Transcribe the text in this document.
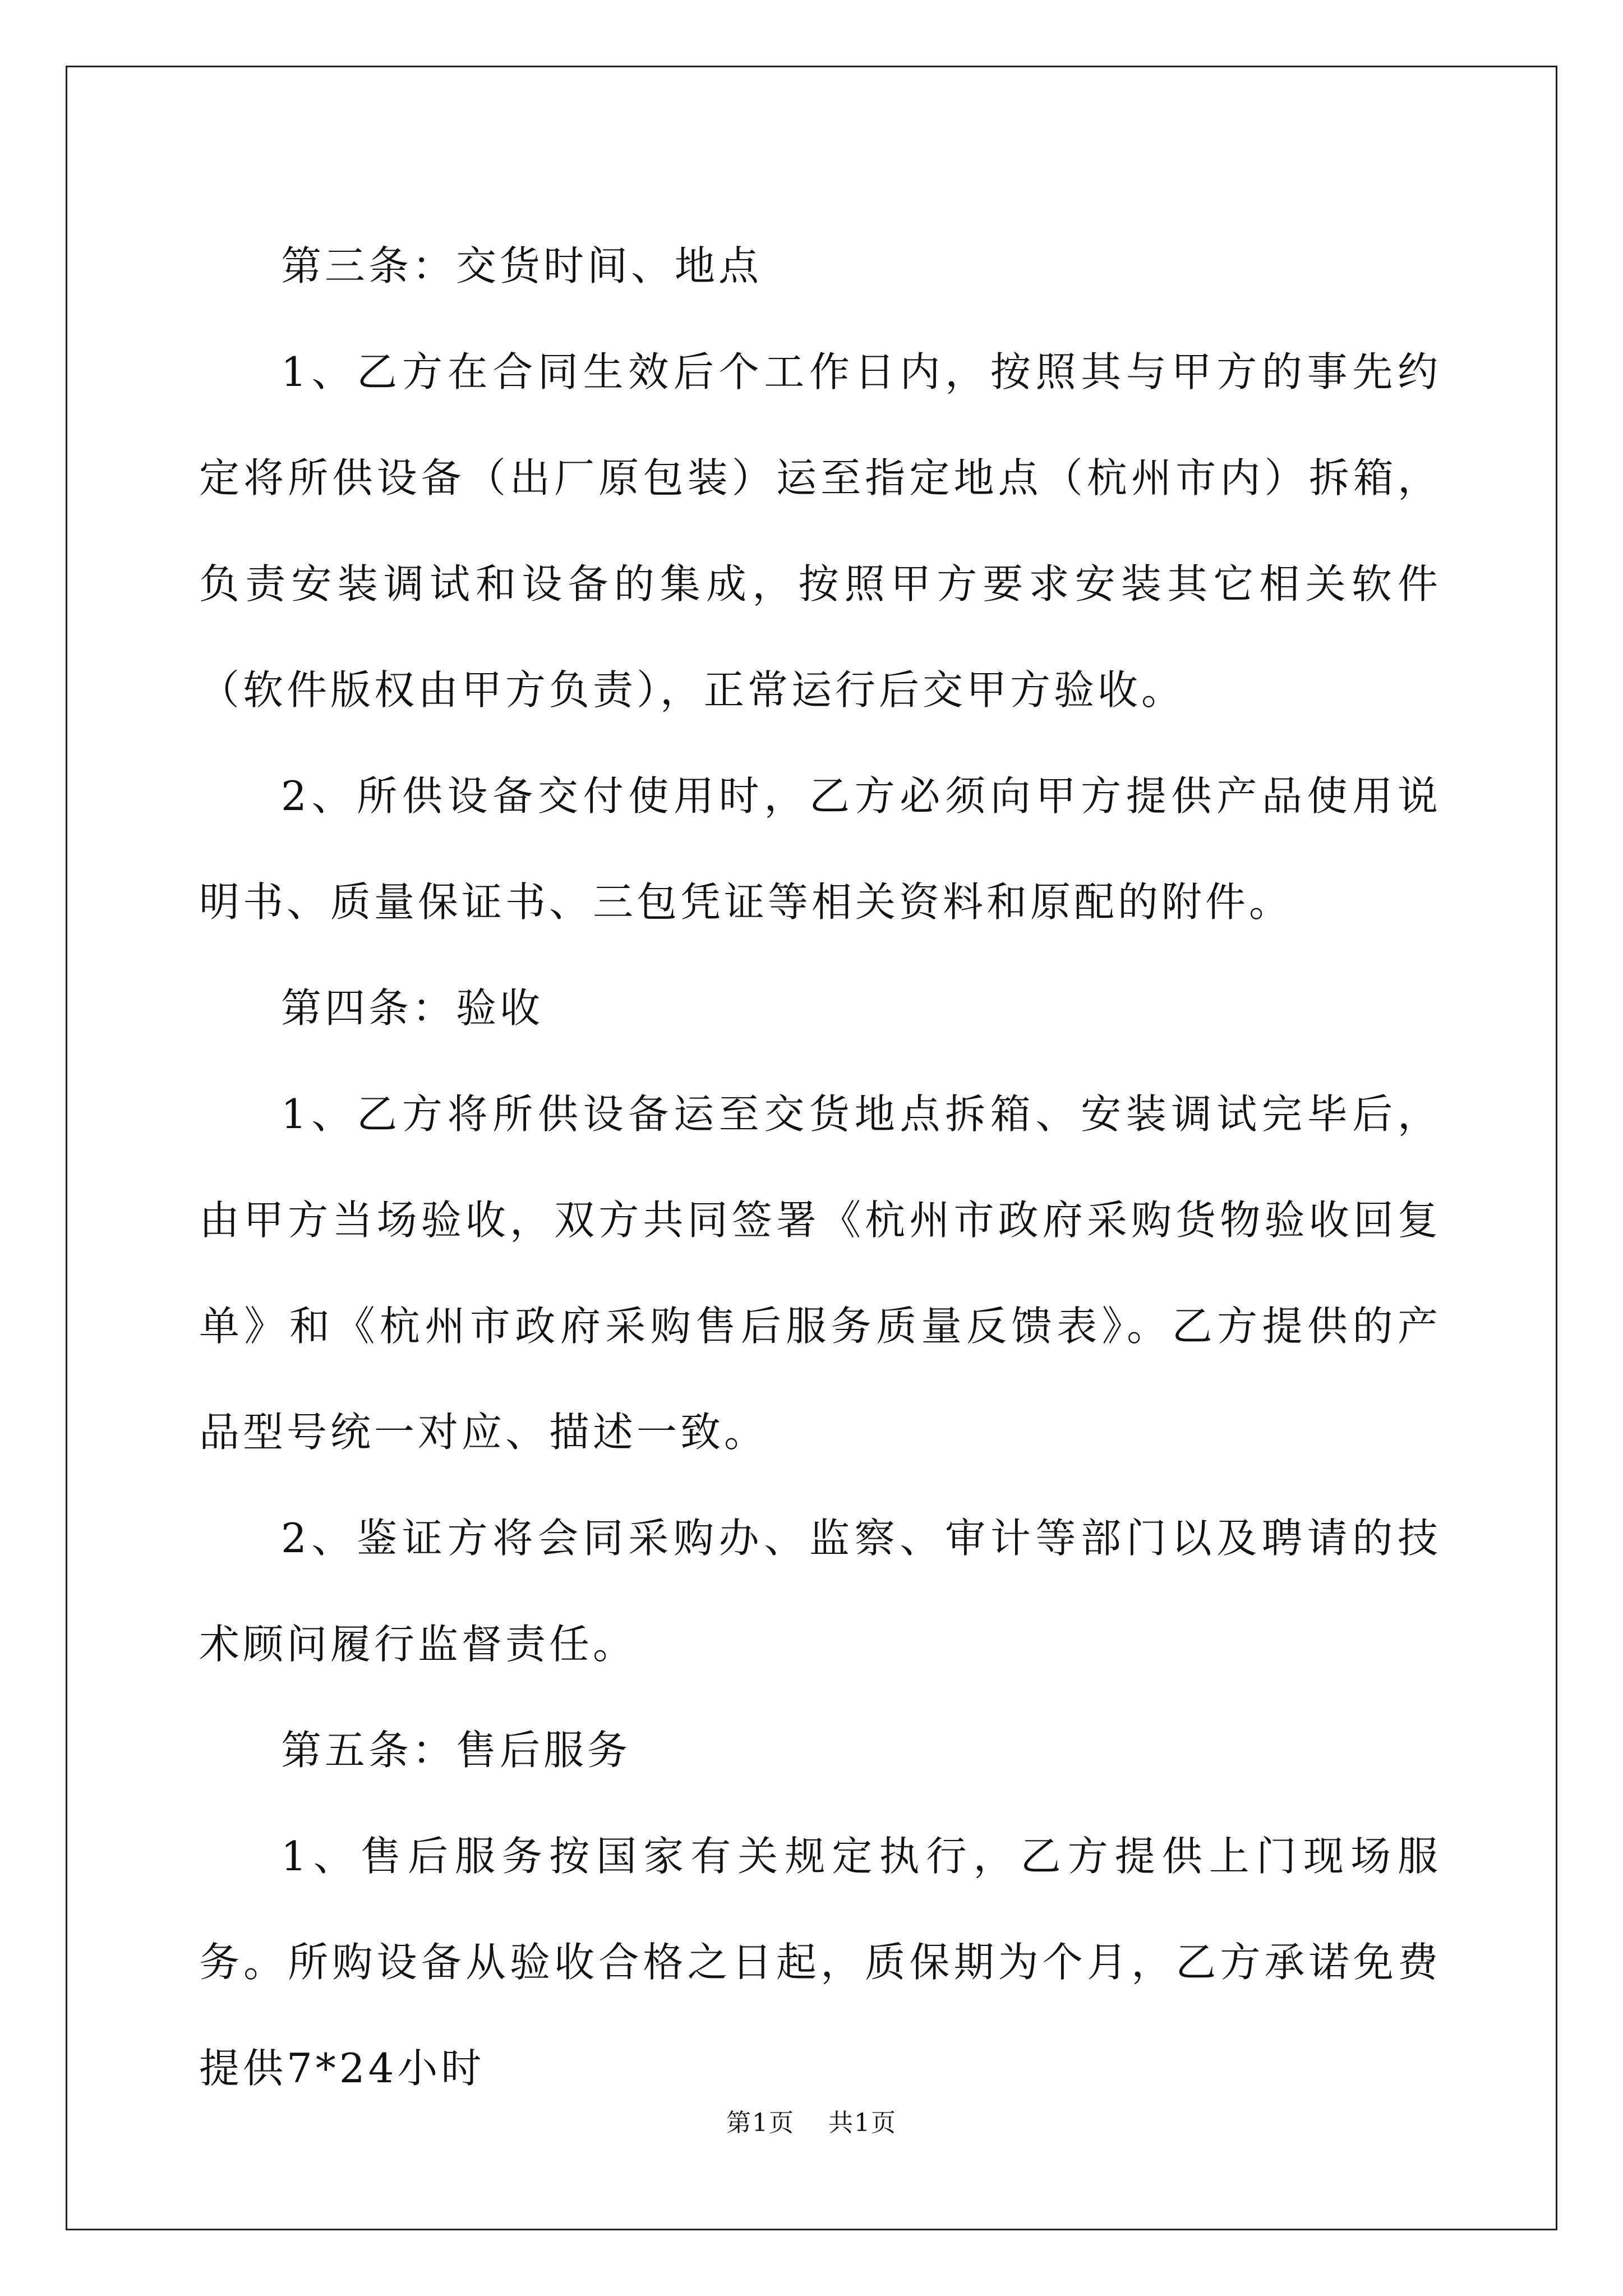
第三条：交货时间、地点

1、乙方在合同生效后个工作日内，按照其与甲方的事先约定将所供设备（出厂原包装）运至指定地点（杭州市内）拆箱，负责安装调试和设备的集成，按照甲方要求安装其它相关软件（软件版权由甲方负责），正常运行后交甲方验收。

2、所供设备交付使用时，乙方必须向甲方提供产品使用说明书、质量保证书、三包凭证等相关资料和原配的附件。

第四条：验收

1、乙方将所供设备运至交货地点拆箱、安装调试完毕后，由甲方当场验收，双方共同签署《杭州市政府采购货物验收回复单》和《杭州市政府采购售后服务质量反馈表》。乙方提供的产品型号统一对应、描述一致。

2、鉴证方将会同采购办、监察、审计等部门以及聘请的技术顾问履行监督责任。

第五条：售后服务

1、售后服务按国家有关规定执行，乙方提供上门现场服务。所购设备从验收合格之日起，质保期为个月，乙方承诺免费提供7*24小时

第1页 共1页
